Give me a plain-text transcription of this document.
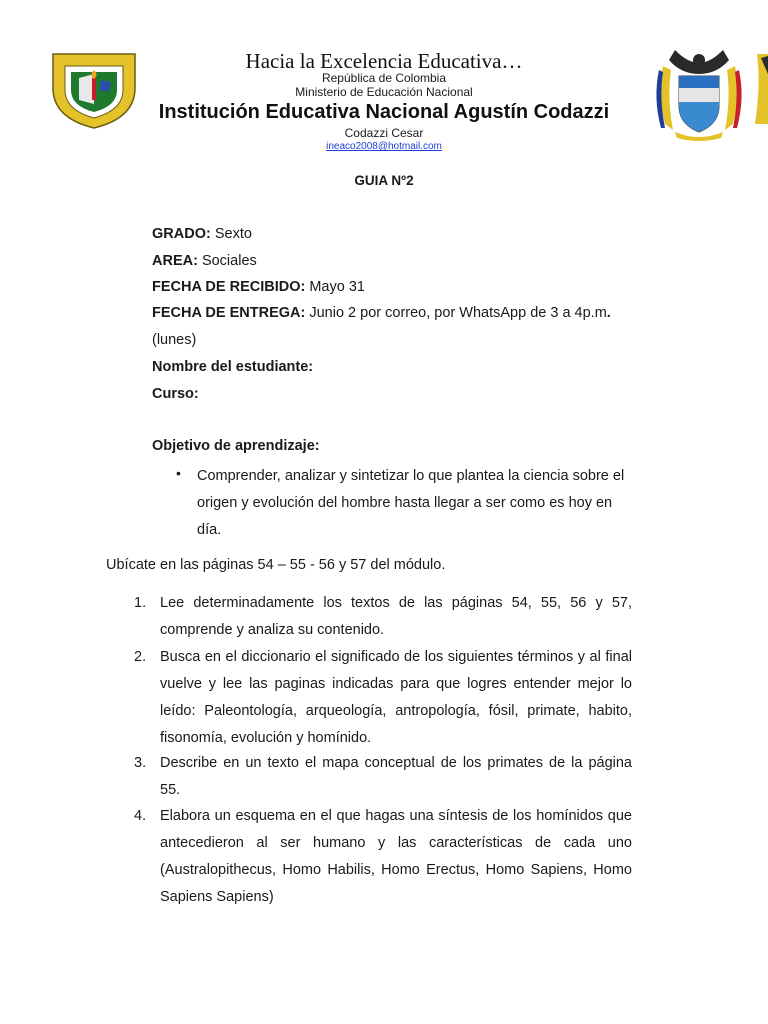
Hacia la Excelencia Educativa…
República de Colombia
Ministerio de Educación Nacional
Institución Educativa Nacional Agustín Codazzi
Codazzi Cesar
ineaco2008@hotmail.com
GUIA Nº2
GRADO: Sexto
AREA: Sociales
FECHA DE RECIBIDO: Mayo 31
FECHA DE ENTREGA: Junio 2 por correo, por WhatsApp de 3 a 4p.m.
(lunes)
Nombre del estudiante:
Curso:
Objetivo de aprendizaje:
• Comprender, analizar y sintetizar lo que plantea la ciencia sobre el origen y evolución del hombre hasta llegar a ser como es hoy en día.
Ubícate en las páginas 54 – 55 - 56 y 57 del módulo.
1. Lee determinadamente los textos de las páginas 54, 55, 56 y 57, comprende y analiza su contenido.
2. Busca en el diccionario el significado de los siguientes términos y al final vuelve y lee las paginas indicadas para que logres entender mejor lo leído: Paleontología, arqueología, antropología, fósil, primate, habito, fisonomía, evolución y homínido.
3. Describe en un texto el mapa conceptual de los primates de la página 55.
4. Elabora un esquema en el que hagas una síntesis de los homínidos que antecedieron al ser humano y las características de cada uno (Australopithecus, Homo Habilis, Homo Erectus, Homo Sapiens, Homo Sapiens Sapiens)
